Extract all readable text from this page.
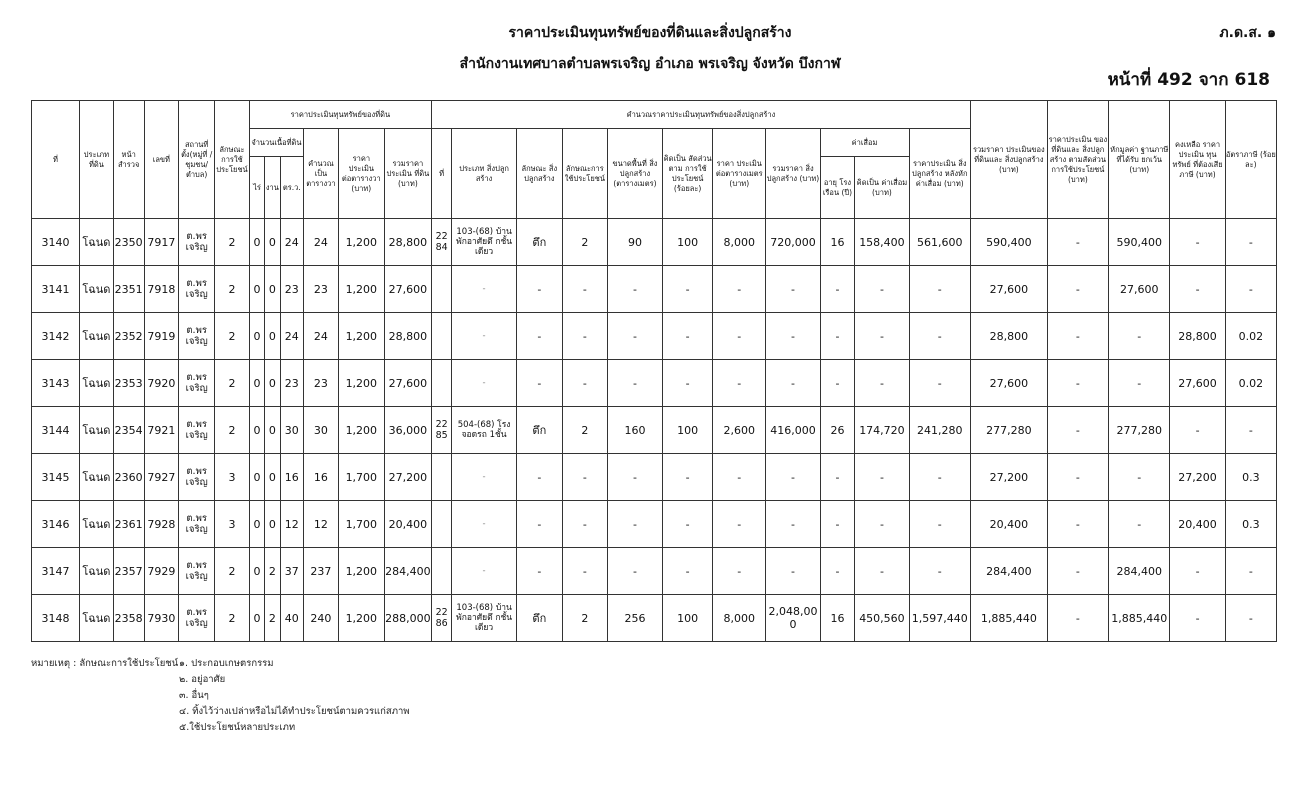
ราคาประเมินทุนทรัพย์ของที่ดินและสิ่งปลูกสร้าง
สำนักงานเทศบาลตำบลพรเจริญ อำเภอ พรเจริญ จังหวัด บึงกาฬ
ภ.ด.ส. ๑
หน้าที่ 492 จาก 618
ที่	ประเภท ที่ดิน	หน้า สำรวจ	เลขที่	สถานที่ ตั้ง(หมู่ที่ /ชุมชน/ ตำบล)	ลักษณะ การใช้ ประโยชน์	ราคาประเมินทุนทรัพย์ของที่ดิน						คำนวณราคาประเมินทุนทรัพย์ของสิ่งปลูกสร้าง											รวมราคา ประเมินของ ที่ดินและ สิ่งปลูกสร้าง (บาท)	ราคาประเมิน ของที่ดินและ สิ่งปลูกสร้าง ตามสัดส่วน การใช้ประโยชน์ (บาท)	หักมูลค่า ฐานภาษี ที่ได้รับ ยกเว้น (บาท)	คงเหลือ ราคาประเมิน ทุนทรัพย์ ที่ต้องเสียภาษี (บาท)	อัตราภาษี (ร้อยละ)
						จำนวนเนื้อที่ดิน			คำนวณ เป็น ตารางวา	ราคา ประเมิน ต่อตารางวา (บาท)	รวมราคา ประเมิน ที่ดิน (บาท)	ที่	ประเภท สิ่งปลูกสร้าง	ลักษณะ สิ่งปลูกสร้าง	ลักษณะการ ใช้ประโยชน์	ขนาดพื้นที่ สิ่งปลูกสร้าง (ตารางเมตร)	คิดเป็น สัดส่วนตาม การใช้ ประโยชน์ (ร้อยละ)	ราคา ประเมิน ต่อตารางเมตร (บาท)	รวมราคา สิ่งปลูกสร้าง (บาท)	ค่าเสื่อม		ราคาประเมิน สิ่งปลูกสร้าง หลังหัก ค่าเสื่อม (บาท)					
						ไร่	งาน	ตร.ว.												อายุ โรงเรือน (ปี)	คิดเป็น ค่าเสื่อม (บาท)						
3140	โฉนด	2350	7917	ต.พร เจริญ	2	0	0	24	24	1,200	28,800	22 84	103-(68) บ้านพักอาศัยตึ กชั้นเดียว	ตึก	2	90	100	8,000	720,000	16	158,400	561,600	590,400	-	590,400	-	-
3141	โฉนด	2351	7918	ต.พร เจริญ	2	0	0	23	23	1,200	27,600		-	-	-	-	-	-	-	-	-	-	27,600	-	27,600	-	-
3142	โฉนด	2352	7919	ต.พร เจริญ	2	0	0	24	24	1,200	28,800		-	-	-	-	-	-	-	-	-	-	28,800	-	-	28,800	0.02
3143	โฉนด	2353	7920	ต.พร เจริญ	2	0	0	23	23	1,200	27,600		-	-	-	-	-	-	-	-	-	-	27,600	-	-	27,600	0.02
3144	โฉนด	2354	7921	ต.พร เจริญ	2	0	0	30	30	1,200	36,000	22 85	504-(68) โรงจอดรถ 1ชั้น	ตึก	2	160	100	2,600	416,000	26	174,720	241,280	277,280	-	277,280	-	-
3145	โฉนด	2360	7927	ต.พร เจริญ	3	0	0	16	16	1,700	27,200		-	-	-	-	-	-	-	-	-	-	27,200	-	-	27,200	0.3
3146	โฉนด	2361	7928	ต.พร เจริญ	3	0	0	12	12	1,700	20,400		-	-	-	-	-	-	-	-	-	-	20,400	-	-	20,400	0.3
3147	โฉนด	2357	7929	ต.พร เจริญ	2	0	2	37	237	1,200	284,400		-	-	-	-	-	-	-	-	-	-	284,400	-	284,400	-	-
3148	โฉนด	2358	7930	ต.พร เจริญ	2	0	2	40	240	1,200	288,000	22 86	103-(68) บ้านพักอาศัยตึ กชั้นเดียว	ตึก	2	256	100	8,000	2,048,00 0	16	450,560	1,597,440	1,885,440	-	1,885,440	-	-
หมายเหตุ : ลักษณะการใช้ประโยชน์ ๑. ประกอบเกษตรกรรม
๒. อยู่อาศัย
๓. อื่นๆ
๔. ทิ้งไว้ว่างเปล่าหรือไม่ได้ทำประโยชน์ตามควรแก่สภาพ
๕.ใช้ประโยชน์หลายประเภท
